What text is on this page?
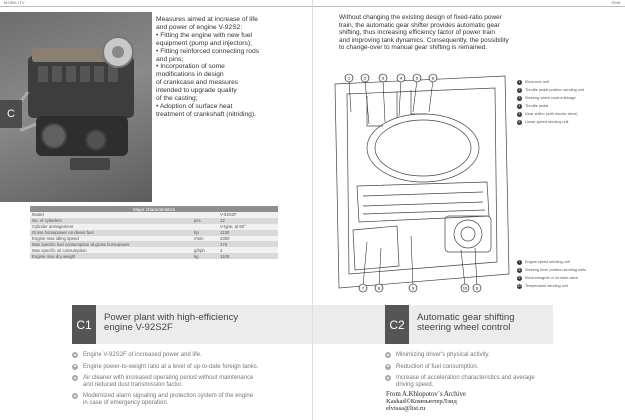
MOBILITY
C

Measures aimed at increase of life
and power of engine V-92S2:
• Fitting the engine with new fuel
equipment (pump and injectors);
• Fitting reinforced connecting rods
and pins;
• Incorporation of some
modifications in design
of crankcase and measures
intended to upgrade quality
of the casting;
• Adoption of surface heat
treatment of crankshaft (nitriding).

Major characteristics		
Model		V-92S2F
No. of cylinders	pcs	12
Cylinder arrangement		V-type, at 60°
Gross horsepower on diesel fuel	hp	1130
Engine max idling speed	r/min	2300
Max specific fuel consumption at gross horsepower		170
Max specific oil consumption	g/hph	4
Engine max dry weight	kg	1100
C1	Power plant with high-efficiency
engine V-92S2F
Engine V-92S2F of increased power and life.
Engine power-to-weight ratio at a level of up-to-date foreign tanks.
Air cleaner with increased operating period without maintenance
and reduced dust transmission factor.
Modernized alarm signaling and protection system of the engine
in case of emergency operation.
SMK

Without changing the existing design of fixed-ratio power
train, the automatic gear shifter provides automatic gear
shifting, thus increasing efficiency factor of power train
and improving tank dynamics. Consequently, the possibility
to change-over to manual gear shifting is remained.

1	2	3	4	5	6
7	8	9	10 6
1	Electronic unit
2	Throttle pedal position sending unit
3	Steering wheel control linkage
4	Throttle pedal
5	Gear shifter (with electric drive)
6	Linear speed sending unit
7	Engine speed sending unit
8	Steering lever position sending units
9	Electromagnet of oil drain valve
10 Temperature sending unit
C2	Automatic gear shifting
steering wheel control
Minimizing driver's physical activity.
Reduction of fuel consumption.
Increase of acceleration characteristics and average
driving speed.
From A.Khlopotov`s Archive
Kaskad©КомпьютерЛэнд
elvissa@list.ru
